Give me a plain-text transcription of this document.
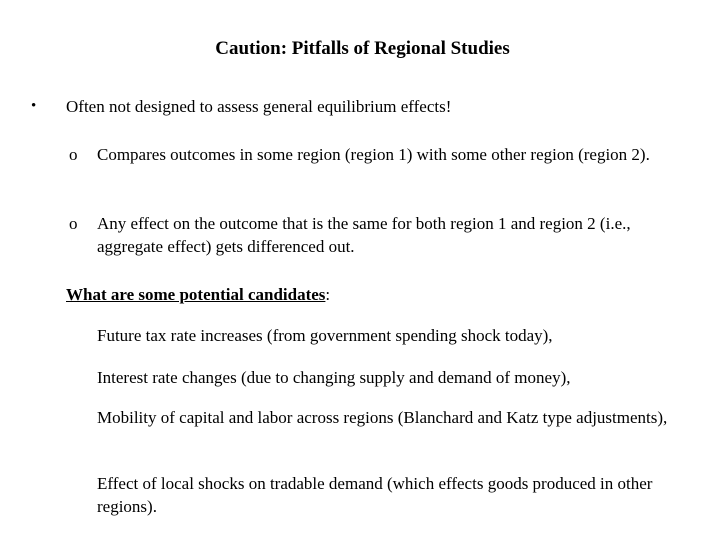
Caution: Pitfalls of Regional Studies
• Often not designed to assess general equilibrium effects!
o Compares outcomes in some region (region 1) with some other region (region 2).
o Any effect on the outcome that is the same for both region 1 and region 2 (i.e., aggregate effect) gets differenced out.
What are some potential candidates:
Future tax rate increases (from government spending shock today),
Interest rate changes (due to changing supply and demand of money),
Mobility of capital and labor across regions (Blanchard and Katz type adjustments),
Effect of local shocks on tradable demand (which effects goods produced in other regions).
